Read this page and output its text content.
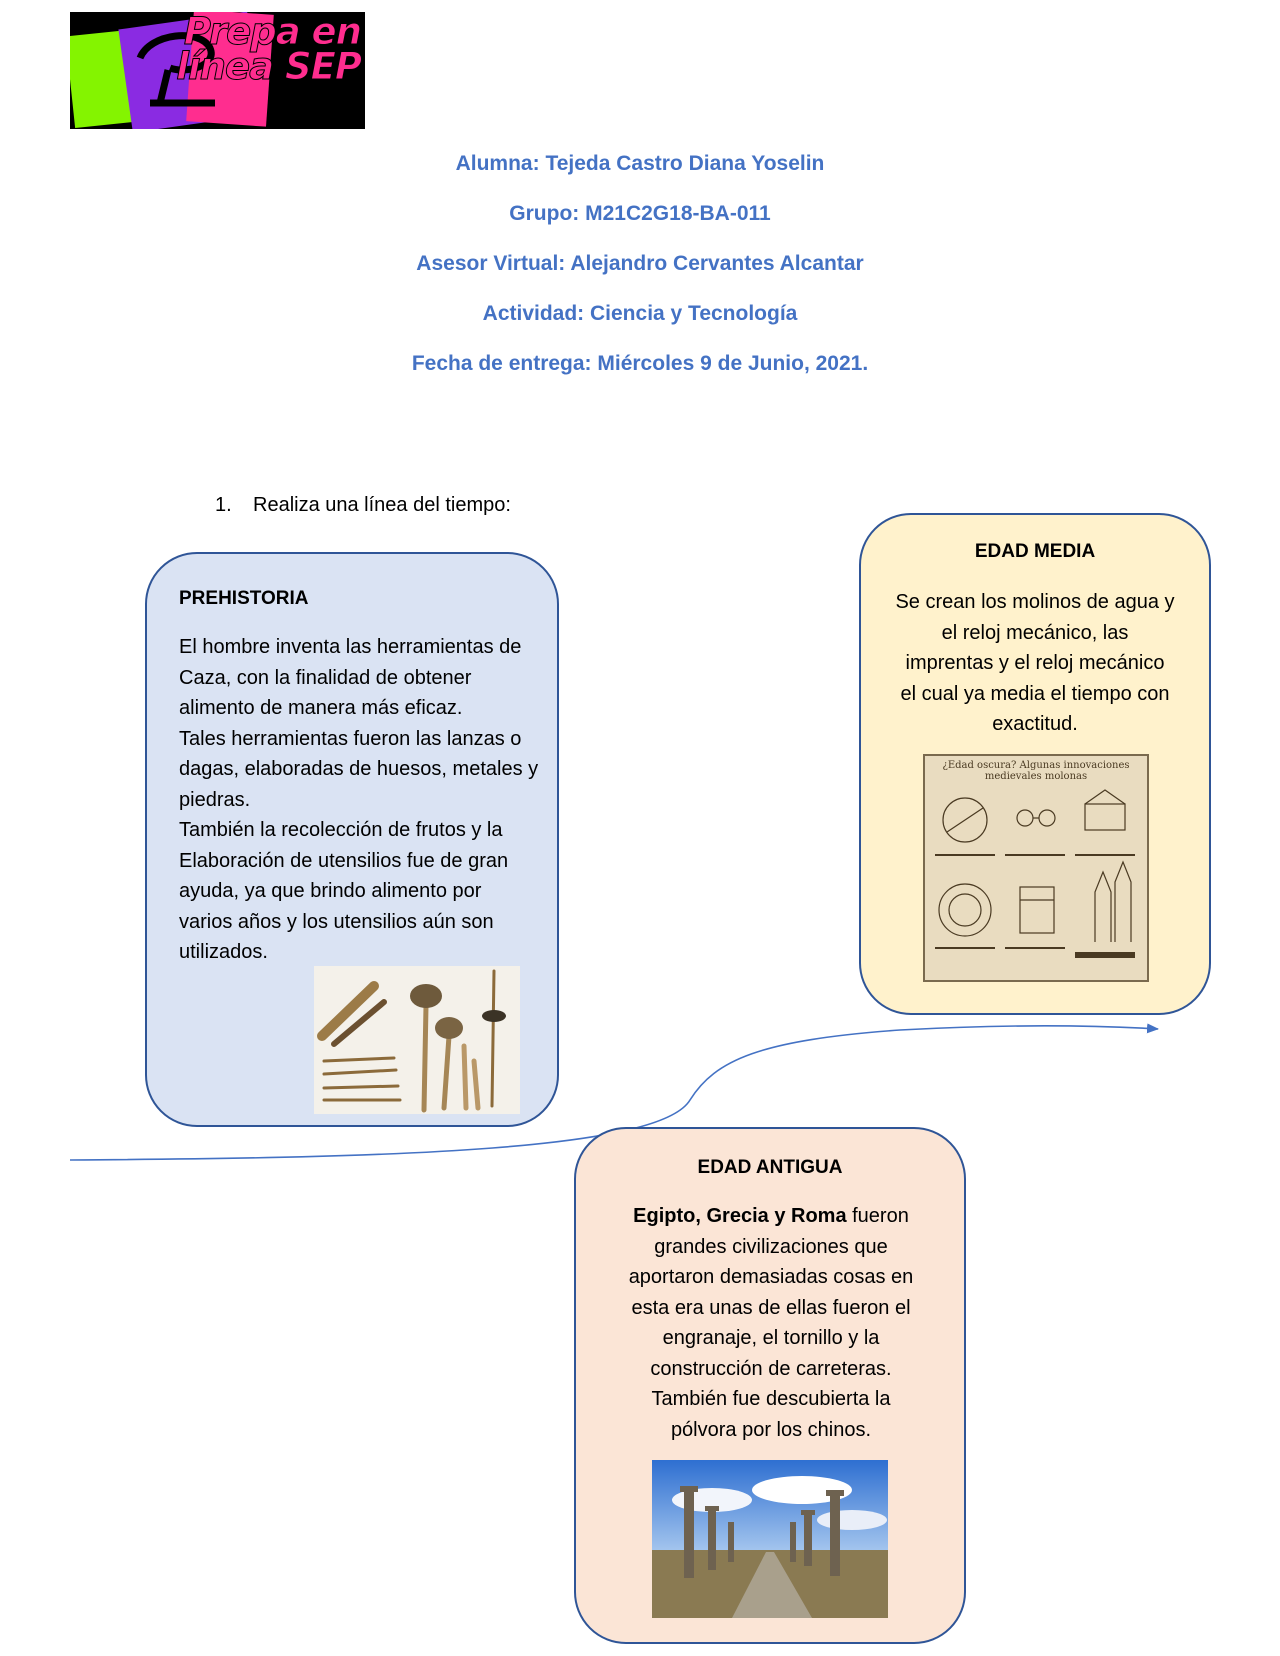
Prepa en línea SEP
Alumna: Tejeda Castro Diana Yoselin
Grupo: M21C2G18-BA-011
Asesor Virtual: Alejandro Cervantes Alcantar
Actividad: Ciencia y Tecnología
Fecha de entrega: Miércoles 9 de Junio, 2021.
1. Realiza una línea del tiempo:
PREHISTORIA
El hombre inventa las herramientas de
Caza, con la finalidad de obtener
alimento de manera más eficaz.
Tales herramientas fueron las lanzas o
dagas, elaboradas de huesos, metales y
piedras.
También la recolección de frutos y la
Elaboración de utensilios fue de gran
ayuda, ya que brindo alimento por
varios años y los utensilios aún son
utilizados.
EDAD MEDIA
Se crean los molinos de agua y
el reloj mecánico, las
imprentas y el reloj mecánico
el cual ya media el tiempo con
exactitud.
¿Edad oscura? Algunas innovaciones medievales molonas
EDAD ANTIGUA
Egipto, Grecia y Roma fueron
grandes civilizaciones que
aportaron demasiadas cosas en
esta era unas de ellas fueron el
engranaje, el tornillo y la
construcción de carreteras.
También fue descubierta la
pólvora por los chinos.
